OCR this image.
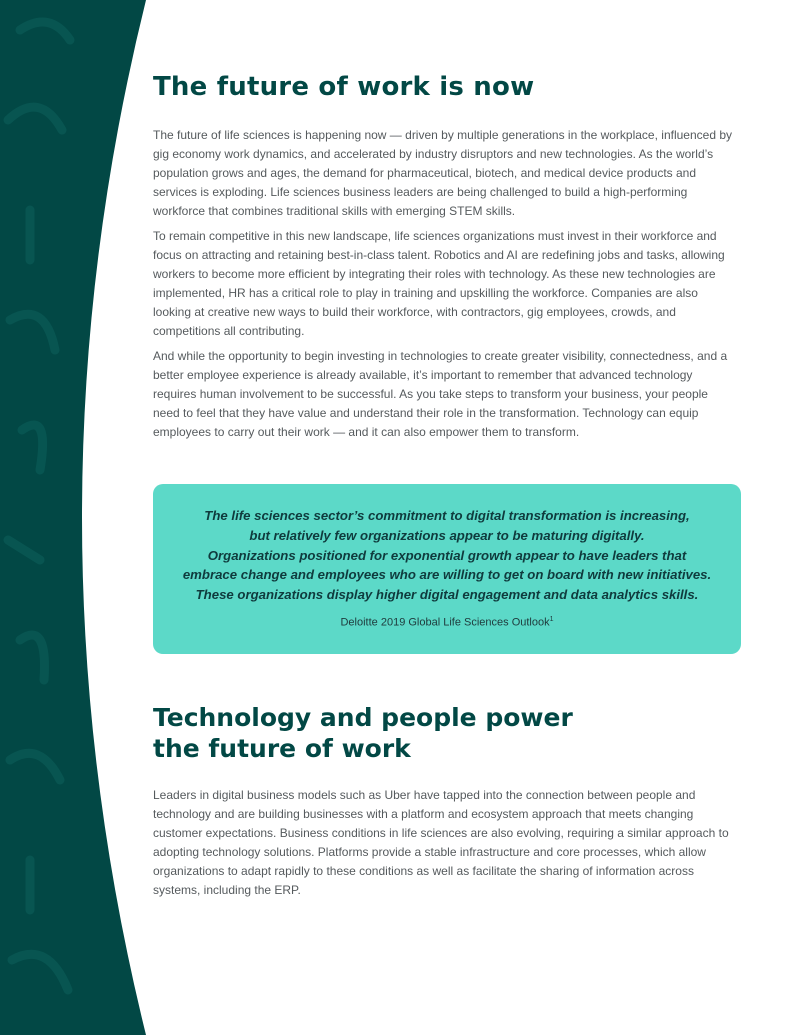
The future of work is now

The future of life sciences is happening now — driven by multiple generations in the workplace, influenced by gig economy work dynamics, and accelerated by industry disruptors and new technologies. As the world’s population grows and ages, the demand for pharmaceutical, biotech, and medical device products and services is exploding. Life sciences business leaders are being challenged to build a high-performing workforce that combines traditional skills with emerging STEM skills.

To remain competitive in this new landscape, life sciences organizations must invest in their workforce and focus on attracting and retaining best-in-class talent. Robotics and AI are redefining jobs and tasks, allowing workers to become more efficient by integrating their roles with technology. As these new technologies are implemented, HR has a critical role to play in training and upskilling the workforce. Companies are also looking at creative new ways to build their workforce, with contractors, gig employees, crowds, and competitions all contributing.

And while the opportunity to begin investing in technologies to create greater visibility, connectedness, and a better employee experience is already available, it’s important to remember that advanced technology requires human involvement to be successful. As you take steps to transform your business, your people need to feel that they have value and understand their role in the transformation. Technology can equip employees to carry out their work — and it can also empower them to transform.

The life sciences sector’s commitment to digital transformation is increasing,
but relatively few organizations appear to be maturing digitally.
Organizations positioned for exponential growth appear to have leaders that
embrace change and employees who are willing to get on board with new initiatives.
These organizations display higher digital engagement and data analytics skills.

Deloitte 2019 Global Life Sciences Outlook$^1$

Technology and people power
the future of work

Leaders in digital business models such as Uber have tapped into the connection between people and technology and are building businesses with a platform and ecosystem approach that meets changing customer expectations. Business conditions in life sciences are also evolving, requiring a similar approach to adopting technology solutions. Platforms provide a stable infrastructure and core processes, which allow organizations to adapt rapidly to these conditions as well as facilitate the sharing of information across systems, including the ERP.
